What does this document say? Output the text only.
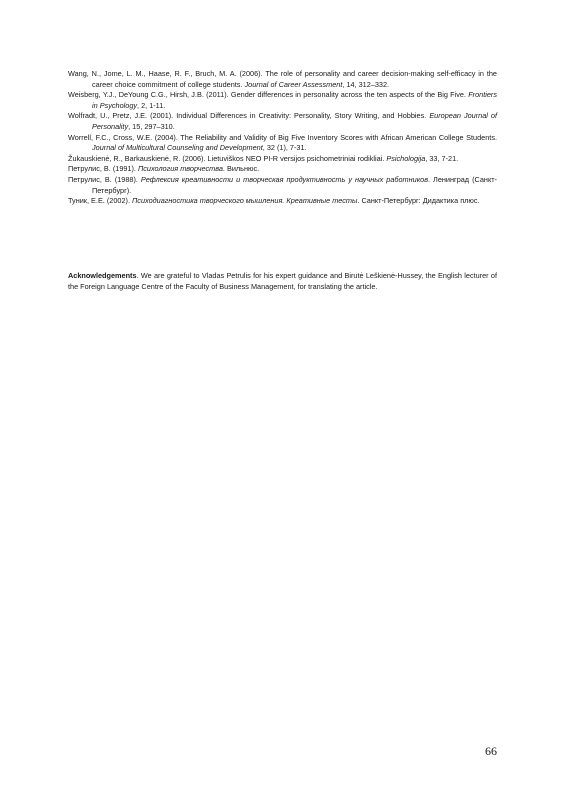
Wang, N., Jome, L. M., Haase, R. F., Bruch, M. A. (2006). The role of personality and career decision-making self-efficacy in the career choice commitment of college students. Journal of Career Assessment, 14, 312–332.
Weisberg, Y.J., DeYoung C.G., Hirsh, J.B. (2011). Gender differences in personality across the ten aspects of the Big Five. Frontiers in Psychology, 2, 1-11.
Wolfradt, U., Pretz, J.E. (2001). Individual Differences in Creativity: Personality, Story Writing, and Hobbies. European Journal of Personality, 15, 297–310.
Worrell, F.C., Cross, W.E. (2004). The Reliability and Validity of Big Five Inventory Scores with African American College Students. Journal of Multicultural Counseling and Development, 32 (1), 7-31.
Žukauskienė, R., Barkauskienė, R. (2006). Lietuviškos NEO PI-R versijos psichometriniai rodikliai. Psichologija, 33, 7-21.
Петрулис, В. (1991). Психология творчества. Вильнюс.
Петрулис, В. (1988). Рефлексия креативности и творческая продуктивность у научных работников. Ленинград (Санкт-Петербург).
Туник, Е.Е. (2002). Психодиагностика творческого мышления. Креативные тесты. Санкт-Петербург: Дидактика плюс.

Acknowledgements. We are grateful to Vladas Petrulis for his expert guidance and Birutė Leškienė-Hussey, the English lecturer of the Foreign Language Centre of the Faculty of Business Management, for translating the article.

66
